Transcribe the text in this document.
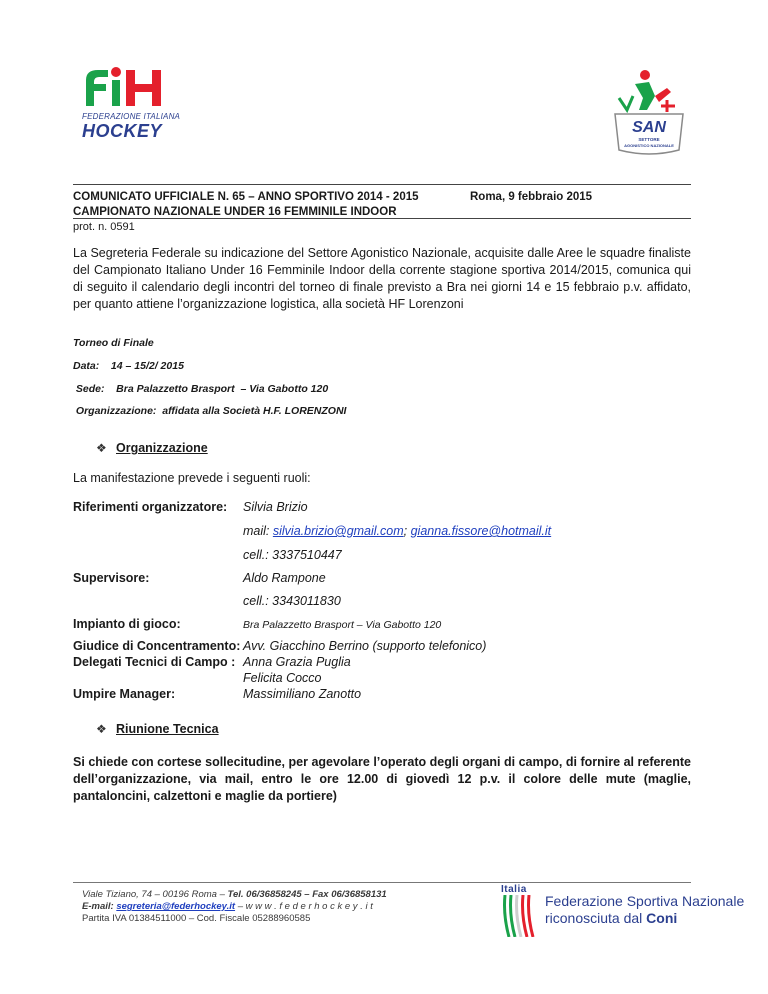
FEDERAZIONE ITALIANA
HOCKEY	SAN
SETTORE
AGONISTICO NAZIONALE
COMUNICATO UFFICIALE N. 65 – ANNO SPORTIVO 2014 - 2015	Roma, 9 febbraio 2015
CAMPIONATO NAZIONALE UNDER 16 FEMMINILE INDOOR
prot. n. 0591
La Segreteria Federale su indicazione del Settore Agonistico Nazionale, acquisite dalle Aree le squadre finaliste del Campionato Italiano Under 16 Femminile Indoor della corrente stagione sportiva 2014/2015, comunica qui di seguito il calendario degli incontri del torneo di finale previsto a Bra nei giorni 14 e 15 febbraio p.v. affidato, per quanto attiene l’organizzazione logistica, alla società HF Lorenzoni
Torneo di Finale
Data:    14 – 15/2/ 2015
Sede:    Bra Palazzetto Brasport  – Via Gabotto 120
Organizzazione:  affidata alla Società H.F. LORENZONI
❖ Organizzazione
La manifestazione prevede i seguenti ruoli:
Riferimenti organizzatore: Silvia Brizio
mail: silvia.brizio@gmail.com; gianna.fissore@hotmail.it
cell.: 3337510447
Supervisore:	Aldo Rampone
cell.: 3343011830
Impianto di gioco:	Bra Palazzetto Brasport – Via Gabotto 120
Giudice di Concentramento: Avv. Giacchino Berrino (supporto telefonico)
Delegati Tecnici di Campo : Anna Grazia Puglia
Felicita Cocco
Umpire Manager:	Massimiliano Zanotto
❖ Riunione Tecnica
Si chiede con cortese sollecitudine, per agevolare l’operato degli organi di campo, di fornire al referente dell’organizzazione, via mail, entro le ore 12.00 di giovedì 12 p.v. il colore delle mute (maglie, pantaloncini, calzettoni e maglie da portiere)
Viale Tiziano, 74 – 00196 Roma – Tel. 06/36858245 – Fax 06/36858131
E-mail: segreteria@federhockey.it – w w w . f e d e r h o c k e y . i t
Partita IVA 01384511000 – Cod. Fiscale 05288960585
Italia
Federazione Sportiva Nazionale
riconosciuta dal Coni
